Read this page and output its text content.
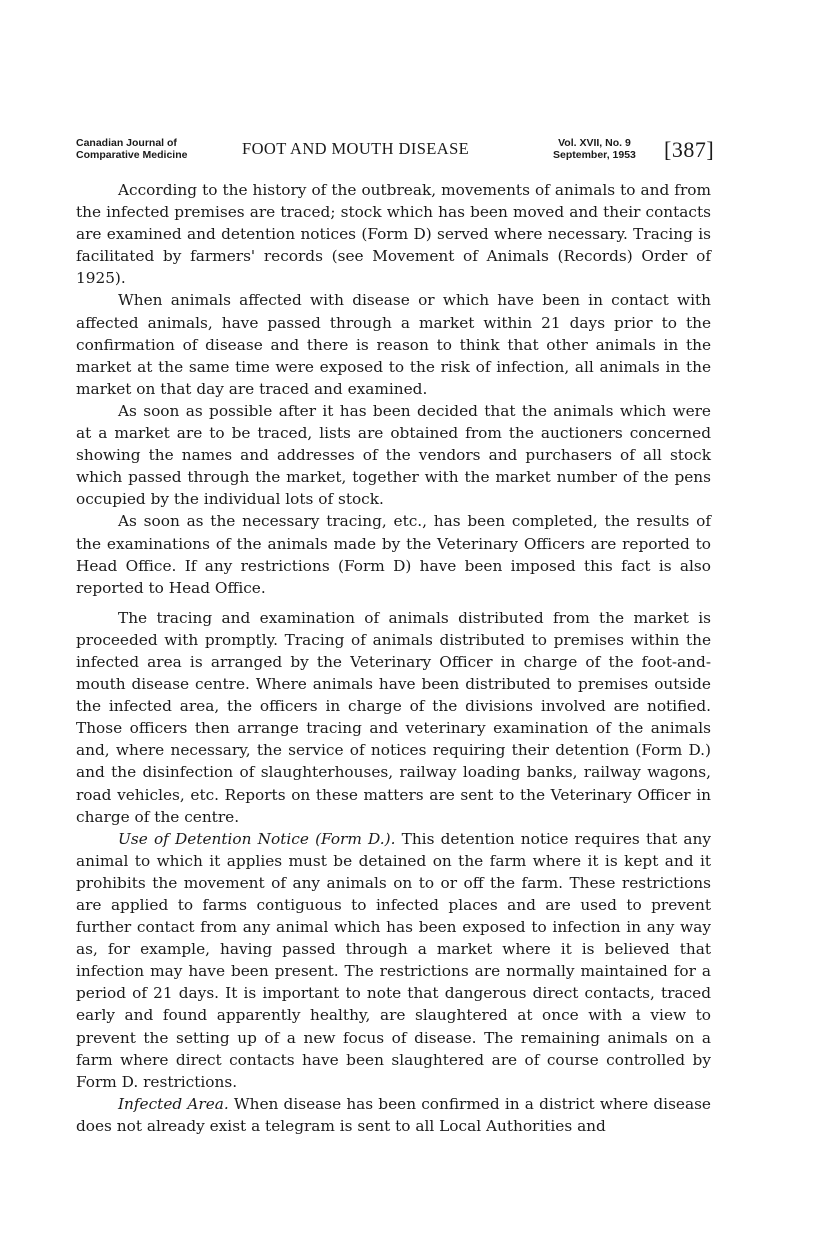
Canadian Journal of
Comparative Medicine	FOOT AND MOUTH DISEASE	Vol. XVII, No. 9
September, 1953 [387]

According to the history of the outbreak, movements of animals to and from the infected premises are traced; stock which has been moved and their contacts are examined and detention notices (Form D) served where necessary. Tracing is facilitated by farmers' records (see Movement of Animals (Records) Order of 1925).

When animals affected with disease or which have been in contact with affected animals, have passed through a market within 21 days prior to the confirmation of disease and there is reason to think that other animals in the market at the same time were exposed to the risk of infection, all animals in the market on that day are traced and examined.

As soon as possible after it has been decided that the animals which were at a market are to be traced, lists are obtained from the auctioners concerned showing the names and addresses of the vendors and purchasers of all stock which passed through the market, together with the market number of the pens occupied by the individual lots of stock.

As soon as the necessary tracing, etc., has been completed, the results of the examinations of the animals made by the Veterinary Officers are reported to Head Office. If any restrictions (Form D) have been imposed this fact is also reported to Head Office.

The tracing and examination of animals distributed from the market is proceeded with promptly. Tracing of animals distributed to premises within the infected area is arranged by the Veterinary Officer in charge of the foot-and-mouth disease centre. Where animals have been distributed to premises outside the infected area, the officers in charge of the divisions involved are notified. Those officers then arrange tracing and veterinary examination of the animals and, where necessary, the service of notices requiring their detention (Form D.) and the disinfection of slaughterhouses, railway loading banks, railway wagons, road vehicles, etc. Reports on these matters are sent to the Veterinary Officer in charge of the centre.

Use of Detention Notice (Form D.). This detention notice requires that any animal to which it applies must be detained on the farm where it is kept and it prohibits the movement of any animals on to or off the farm. These restrictions are applied to farms contiguous to infected places and are used to prevent further contact from any animal which has been exposed to infection in any way as, for example, having passed through a market where it is believed that infection may have been present. The restrictions are normally maintained for a period of 21 days. It is important to note that dangerous direct contacts, traced early and found apparently healthy, are slaughtered at once with a view to prevent the setting up of a new focus of disease. The remaining animals on a farm where direct contacts have been slaughtered are of course controlled by Form D. restrictions.

Infected Area. When disease has been confirmed in a district where disease does not already exist a telegram is sent to all Local Authorities and
